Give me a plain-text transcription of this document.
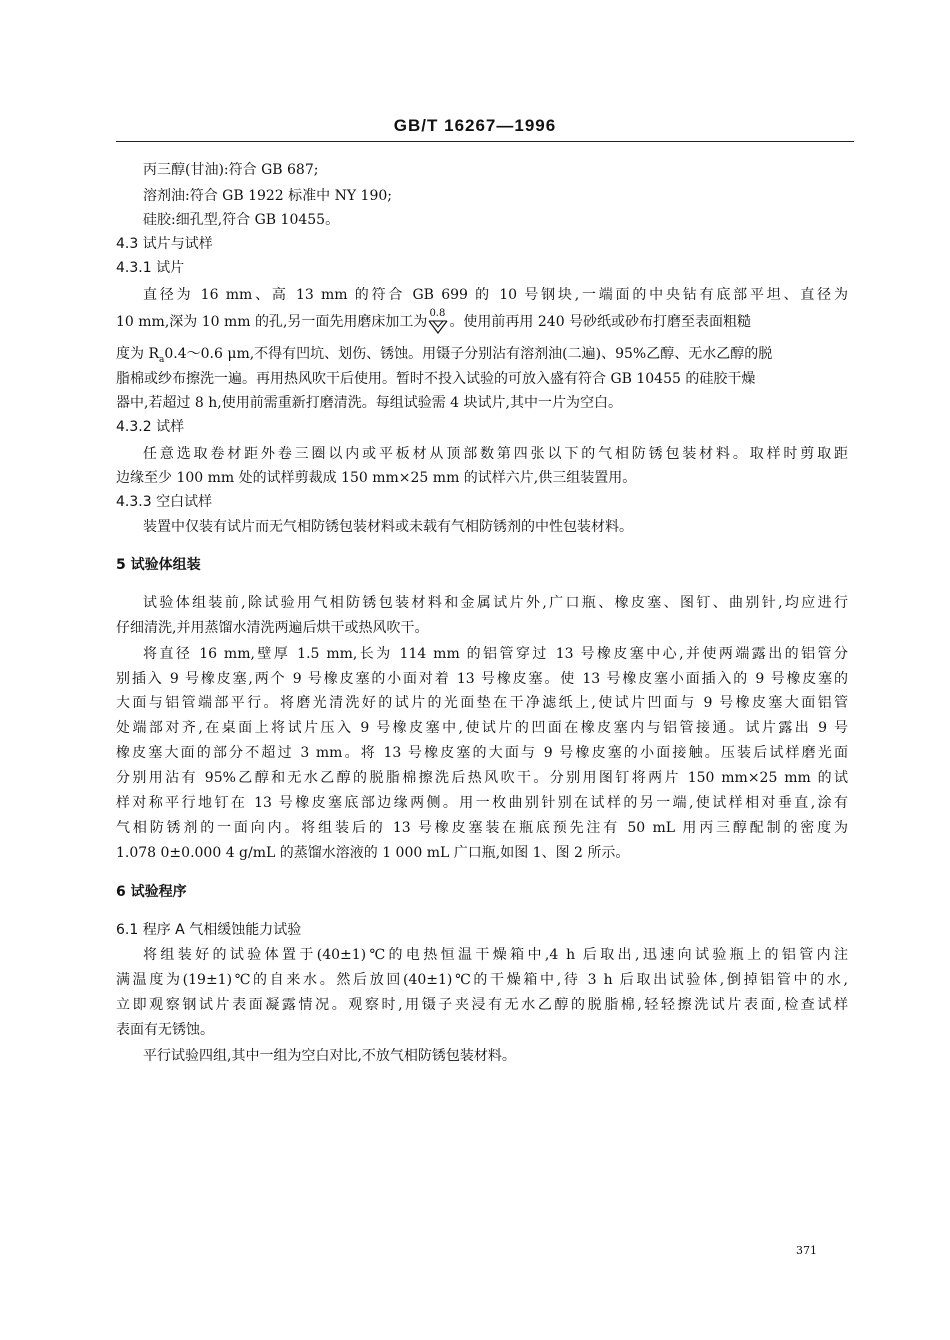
GB/T 16267—1996
丙三醇(甘油):符合 GB 687;
溶剂油:符合 GB 1922 标准中 NY 190;
硅胶:细孔型,符合 GB 10455。
4.3 试片与试样
4.3.1 试片
直径为 16 mm、高 13 mm 的符合 GB 699 的 10 号钢块,一端面的中央钻有底部平坦、直径为
10 mm,深为 10 mm 的孔,另一面先用磨床加工为
0.8
。使用前再用 240 号砂纸或砂布打磨至表面粗糙
度为 $R_a0.4\sim 0.6$ μm,不得有凹坑、划伤、锈蚀。用镊子分别沾有溶剂油(二遍)、95%乙醇、无水乙醇的脱
脂棉或纱布擦洗一遍。再用热风吹干后使用。暂时不投入试验的可放入盛有符合 GB 10455 的硅胶干燥
器中,若超过 8 h,使用前需重新打磨清洗。每组试验需 4 块试片,其中一片为空白。
4.3.2 试样
任意选取卷材距外卷三圈以内或平板材从顶部数第四张以下的气相防锈包装材料。取样时剪取距
边缘至少 100 mm 处的试样剪裁成 150 mm×25 mm 的试样六片,供三组装置用。
4.3.3 空白试样
装置中仅装有试片而无气相防锈包装材料或未载有气相防锈剂的中性包装材料。
5 试验体组装
试验体组装前,除试验用气相防锈包装材料和金属试片外,广口瓶、橡皮塞、图钉、曲别针,均应进行
仔细清洗,并用蒸馏水清洗两遍后烘干或热风吹干。
将直径 16 mm,壁厚 1.5 mm,长为 114 mm 的铝管穿过 13 号橡皮塞中心,并使两端露出的铝管分
别插入 9 号橡皮塞,两个 9 号橡皮塞的小面对着 13 号橡皮塞。使 13 号橡皮塞小面插入的 9 号橡皮塞的
大面与铝管端部平行。将磨光清洗好的试片的光面垫在干净滤纸上,使试片凹面与 9 号橡皮塞大面铝管
处端部对齐,在桌面上将试片压入 9 号橡皮塞中,使试片的凹面在橡皮塞内与铝管接通。试片露出 9 号
橡皮塞大面的部分不超过 3 mm。将 13 号橡皮塞的大面与 9 号橡皮塞的小面接触。压装后试样磨光面
分别用沾有 95%乙醇和无水乙醇的脱脂棉擦洗后热风吹干。分别用图钉将两片 150 mm×25 mm 的试
样对称平行地钉在 13 号橡皮塞底部边缘两侧。用一枚曲别针别在试样的另一端,使试样相对垂直,涂有
气相防锈剂的一面向内。将组装后的 13 号橡皮塞装在瓶底预先注有 50 mL 用丙三醇配制的密度为
1.078 0±0.000 4 g/mL 的蒸馏水溶液的 1 000 mL 广口瓶,如图 1、图 2 所示。
6 试验程序
6.1 程序 A 气相缓蚀能力试验
将组装好的试验体置于(40±1)℃的电热恒温干燥箱中,4 h 后取出,迅速向试验瓶上的铝管内注
满温度为(19±1)℃的自来水。然后放回(40±1)℃的干燥箱中,待 3 h 后取出试验体,倒掉铝管中的水,
立即观察钢试片表面凝露情况。观察时,用镊子夹浸有无水乙醇的脱脂棉,轻轻擦洗试片表面,检查试样
表面有无锈蚀。
平行试验四组,其中一组为空白对比,不放气相防锈包装材料。
371
